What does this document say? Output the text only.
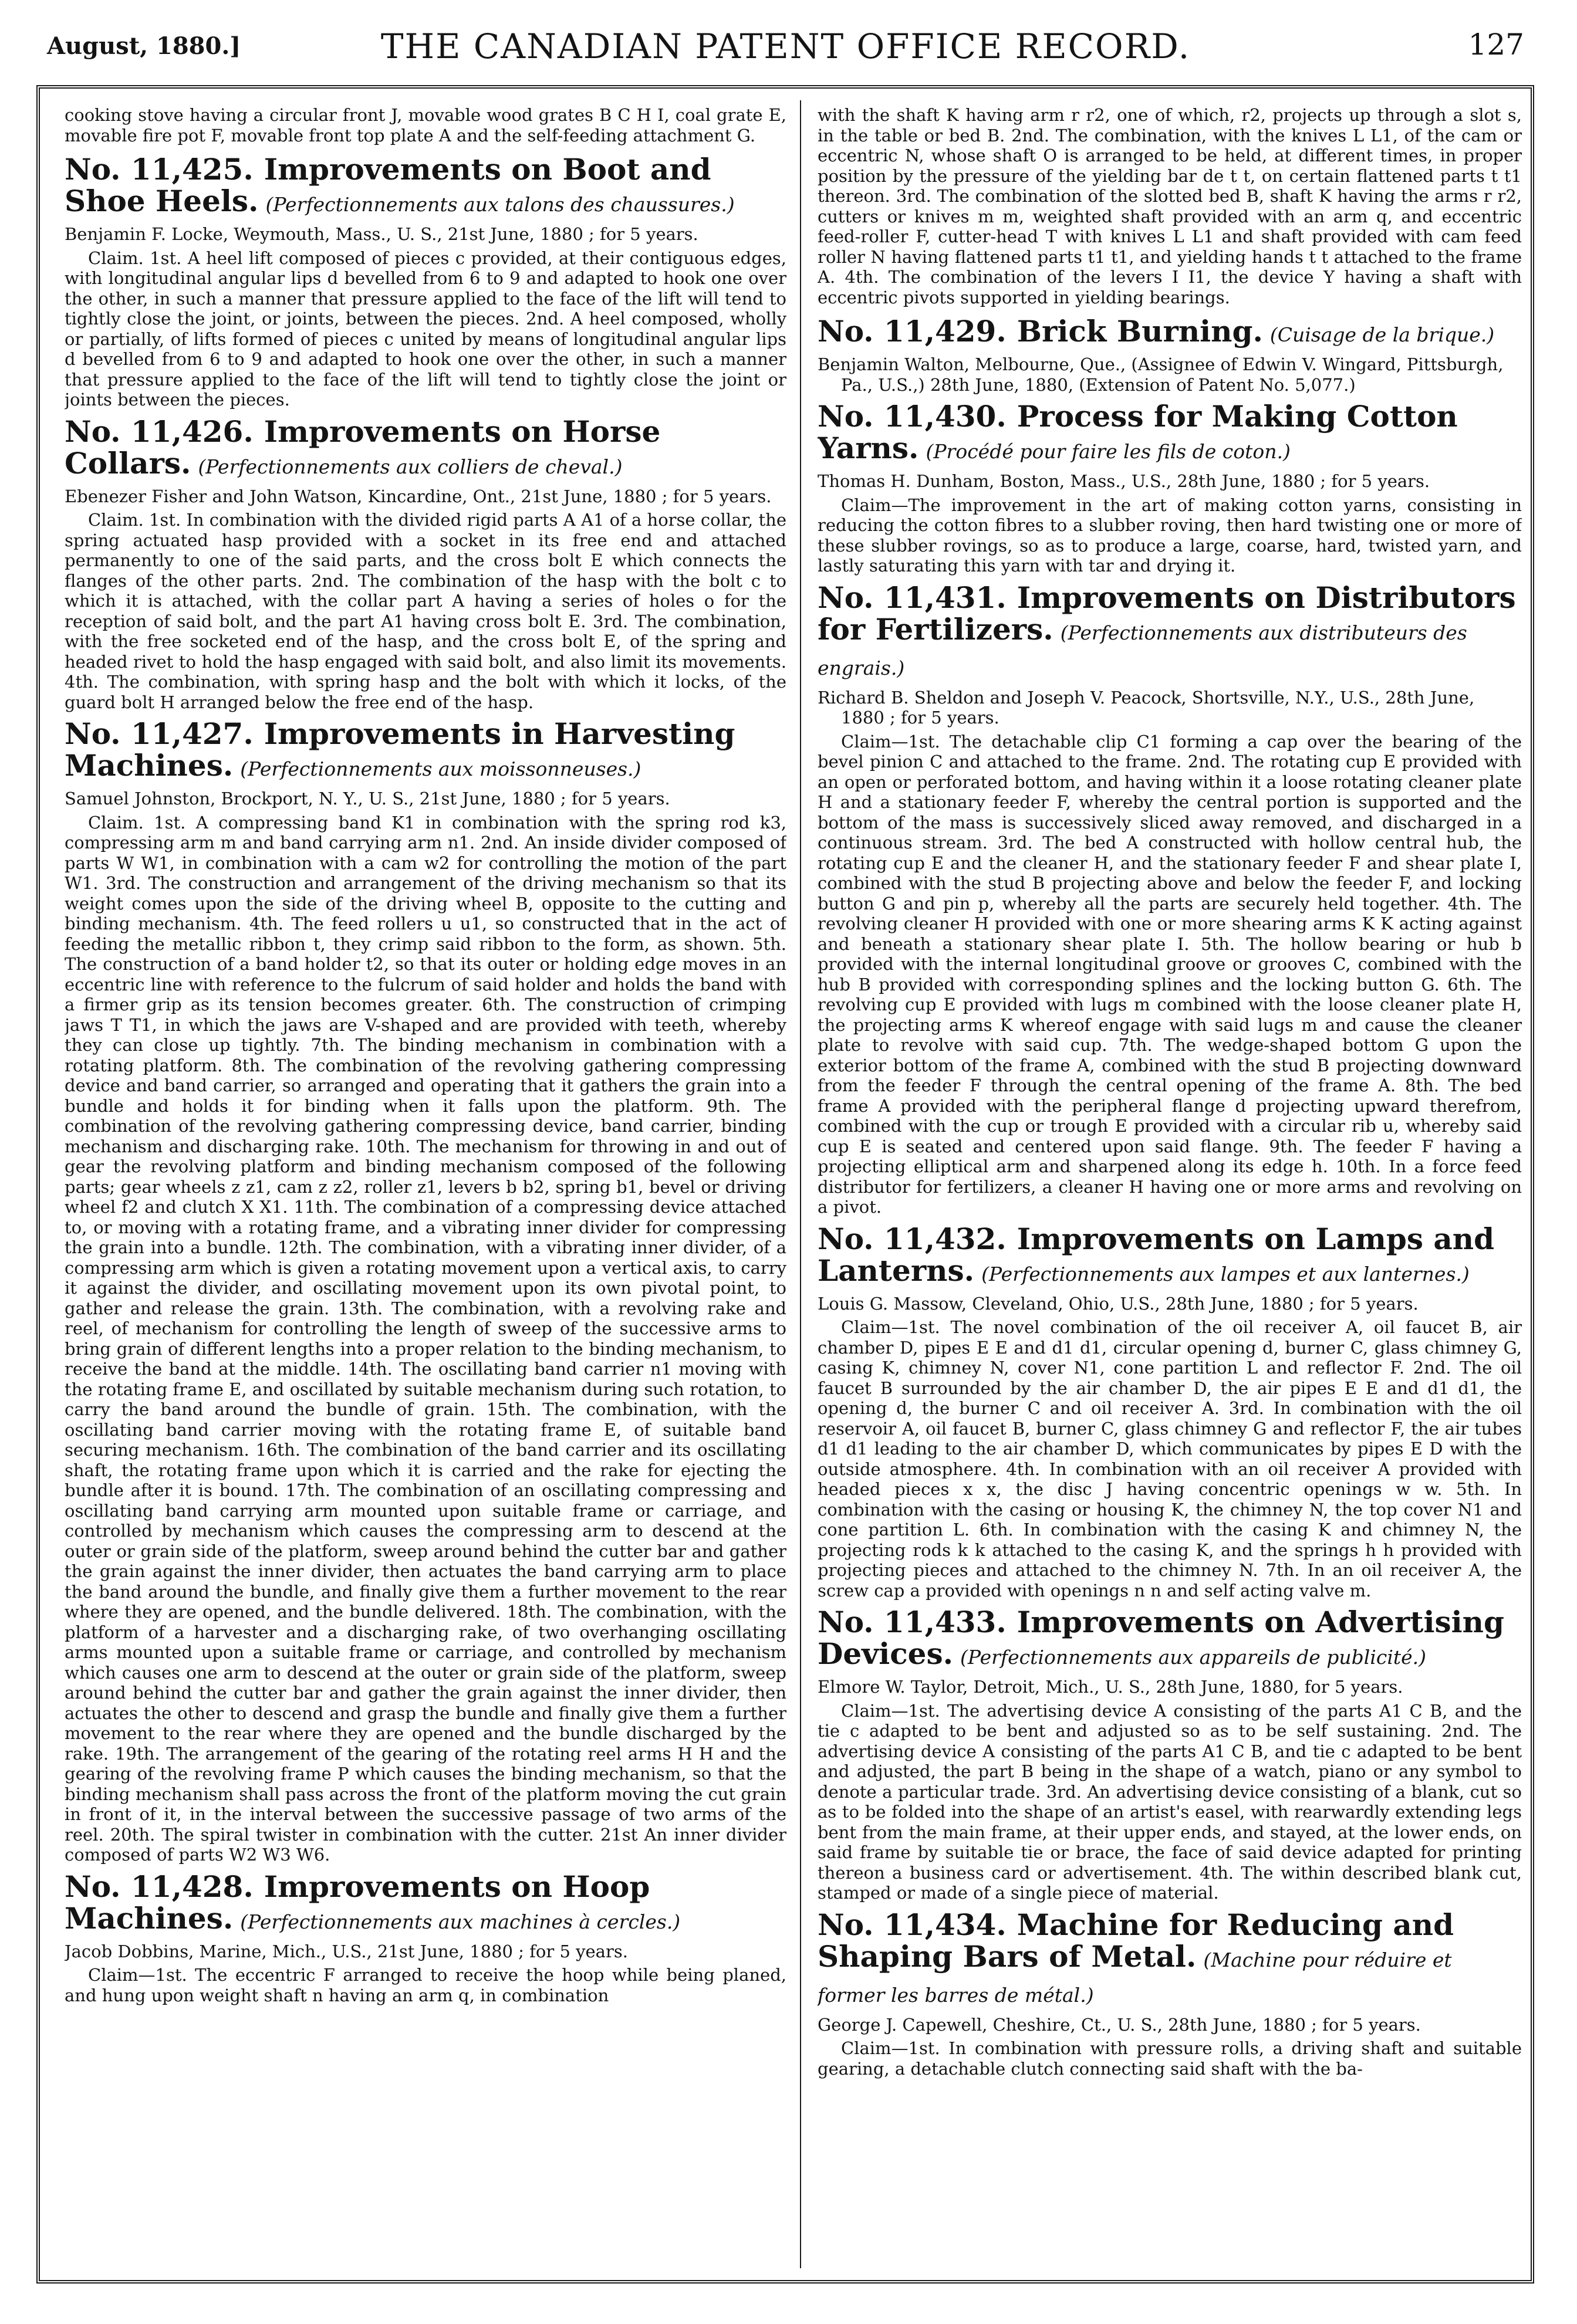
August, 1880.]	THE CANADIAN PATENT OFFICE RECORD.	127
cooking stove having a circular front J, movable wood grates B C H I, coal grate E, movable fire pot F, movable front top plate A and the self-feeding attachment G.
No. 11,425. Improvements on Boot and Shoe Heels. (Perfectionnements aux talons des chaussures.)
Benjamin F. Locke, Weymouth, Mass., U. S., 21st June, 1880 ; for 5 years.
Claim. 1st. A heel lift composed of pieces c provided, at their contiguous edges, with longitudinal angular lips d bevelled from 6 to 9 and adapted to hook one over the other, in such a manner that pressure applied to the face of the lift will tend to tightly close the joint, or joints, between the pieces. 2nd. A heel composed, wholly or partially, of lifts formed of pieces c united by means of longitudinal angular lips d bevelled from 6 to 9 and adapted to hook one over the other, in such a manner that pressure applied to the face of the lift will tend to tightly close the joint or joints between the pieces.
No. 11,426. Improvements on Horse Collars. (Perfectionnements aux colliers de cheval.)
Ebenezer Fisher and John Watson, Kincardine, Ont., 21st June, 1880 ; for 5 years.
Claim. 1st. In combination with the divided rigid parts A A1 of a horse collar, the spring actuated hasp provided with a socket in its free end and attached permanently to one of the said parts, and the cross bolt E which connects the flanges of the other parts. 2nd. The combination of the hasp with the bolt c to which it is attached, with the collar part A having a series of holes o for the reception of said bolt, and the part A1 having cross bolt E. 3rd. The combination, with the free socketed end of the hasp, and the cross bolt E, of the spring and headed rivet to hold the hasp engaged with said bolt, and also limit its movements. 4th. The combination, with spring hasp and the bolt with which it locks, of the guard bolt H arranged below the free end of the hasp.
No. 11,427. Improvements in Harvesting Machines. (Perfectionnements aux moissonneuses.)
Samuel Johnston, Brockport, N. Y., U. S., 21st June, 1880 ; for 5 years.
Claim. 1st. A compressing band K1 in combination with the spring rod k3, compressing arm m and band carrying arm n1. 2nd. An inside divider composed of parts W W1, in combination with a cam w2 for controlling the motion of the part W1. 3rd. The construction and arrangement of the driving mechanism so that its weight comes upon the side of the driving wheel B, opposite to the cutting and binding mechanism. 4th. The feed rollers u u1, so constructed that in the act of feeding the metallic ribbon t, they crimp said ribbon to the form, as shown. 5th. The construction of a band holder t2, so that its outer or holding edge moves in an eccentric line with reference to the fulcrum of said holder and holds the band with a firmer grip as its tension becomes greater. 6th. The construction of crimping jaws T T1, in which the jaws are V-shaped and are provided with teeth, whereby they can close up tightly. 7th. The binding mechanism in combination with a rotating platform. 8th. The combination of the revolving gathering compressing device and band carrier, so arranged and operating that it gathers the grain into a bundle and holds it for binding when it falls upon the platform. 9th. The combination of the revolving gathering compressing device, band carrier, binding mechanism and discharging rake. 10th. The mechanism for throwing in and out of gear the revolving platform and binding mechanism composed of the following parts; gear wheels z z1, cam z z2, roller z1, levers b b2, spring b1, bevel or driving wheel f2 and clutch X X1. 11th. The combination of a compressing device attached to, or moving with a rotating frame, and a vibrating inner divider for compressing the grain into a bundle. 12th. The combination, with a vibrating inner divider, of a compressing arm which is given a rotating movement upon a vertical axis, to carry it against the divider, and oscillating movement upon its own pivotal point, to gather and release the grain. 13th. The combination, with a revolving rake and reel, of mechanism for controlling the length of sweep of the successive arms to bring grain of different lengths into a proper relation to the binding mechanism, to receive the band at the middle. 14th. The oscillating band carrier n1 moving with the rotating frame E, and oscillated by suitable mechanism during such rotation, to carry the band around the bundle of grain. 15th. The combination, with the oscillating band carrier moving with the rotating frame E, of suitable band securing mechanism. 16th. The combination of the band carrier and its oscillating shaft, the rotating frame upon which it is carried and the rake for ejecting the bundle after it is bound. 17th. The combination of an oscillating compressing and oscillating band carrying arm mounted upon suitable frame or carriage, and controlled by mechanism which causes the compressing arm to descend at the outer or grain side of the platform, sweep around behind the cutter bar and gather the grain against the inner divider, then actuates the band carrying arm to place the band around the bundle, and finally give them a further movement to the rear where they are opened, and the bundle delivered. 18th. The combination, with the platform of a harvester and a discharging rake, of two overhanging oscillating arms mounted upon a suitable frame or carriage, and controlled by mechanism which causes one arm to descend at the outer or grain side of the platform, sweep around behind the cutter bar and gather the grain against the inner divider, then actuates the other to descend and grasp the bundle and finally give them a further movement to the rear where they are opened and the bundle discharged by the rake. 19th. The arrangement of the gearing of the rotating reel arms H H and the gearing of the revolving frame P which causes the binding mechanism, so that the binding mechanism shall pass across the front of the platform moving the cut grain in front of it, in the interval between the successive passage of two arms of the reel. 20th. The spiral twister in combination with the cutter. 21st An inner divider composed of parts W2 W3 W6.
No. 11,428. Improvements on Hoop Machines. (Perfectionnements aux machines à cercles.)
Jacob Dobbins, Marine, Mich., U.S., 21st June, 1880 ; for 5 years.
Claim—1st. The eccentric F arranged to receive the hoop while being planed, and hung upon weight shaft n having an arm q, in combination
with the shaft K having arm r r2, one of which, r2, projects up through a slot s, in the table or bed B. 2nd. The combination, with the knives L L1, of the cam or eccentric N, whose shaft O is arranged to be held, at different times, in proper position by the pressure of the yielding bar de t t, on certain flattened parts t t1 thereon. 3rd. The combination of the slotted bed B, shaft K having the arms r r2, cutters or knives m m, weighted shaft provided with an arm q, and eccentric feed-roller F, cutter-head T with knives L L1 and shaft provided with cam feed roller N having flattened parts t1 t1, and yielding hands t t attached to the frame A. 4th. The combination of the levers I I1, the device Y having a shaft with eccentric pivots supported in yielding bearings.
No. 11,429. Brick Burning. (Cuisage de la brique.)
Benjamin Walton, Melbourne, Que., (Assignee of Edwin V. Wingard, Pittsburgh, Pa., U.S.,) 28th June, 1880, (Extension of Patent No. 5,077.)
No. 11,430. Process for Making Cotton Yarns. (Procédé pour faire les fils de coton.)
Thomas H. Dunham, Boston, Mass., U.S., 28th June, 1880 ; for 5 years.
Claim—The improvement in the art of making cotton yarns, consisting in reducing the cotton fibres to a slubber roving, then hard twisting one or more of these slubber rovings, so as to produce a large, coarse, hard, twisted yarn, and lastly saturating this yarn with tar and drying it.
No. 11,431. Improvements on Distributors for Fertilizers. (Perfectionnements aux distributeurs des engrais.)
Richard B. Sheldon and Joseph V. Peacock, Shortsville, N.Y., U.S., 28th June, 1880 ; for 5 years.
Claim—1st. The detachable clip C1 forming a cap over the bearing of the bevel pinion C and attached to the frame. 2nd. The rotating cup E provided with an open or perforated bottom, and having within it a loose rotating cleaner plate H and a stationary feeder F, whereby the central portion is supported and the bottom of the mass is successively sliced away removed, and discharged in a continuous stream. 3rd. The bed A constructed with hollow central hub, the rotating cup E and the cleaner H, and the stationary feeder F and shear plate I, combined with the stud B projecting above and below the feeder F, and locking button G and pin p, whereby all the parts are securely held together. 4th. The revolving cleaner H provided with one or more shearing arms K K acting against and beneath a stationary shear plate I. 5th. The hollow bearing or hub b provided with the internal longitudinal groove or grooves C, combined with the hub B provided with corresponding splines and the locking button G. 6th. The revolving cup E provided with lugs m combined with the loose cleaner plate H, the projecting arms K whereof engage with said lugs m and cause the cleaner plate to revolve with said cup. 7th. The wedge-shaped bottom G upon the exterior bottom of the frame A, combined with the stud B projecting downward from the feeder F through the central opening of the frame A. 8th. The bed frame A provided with the peripheral flange d projecting upward therefrom, combined with the cup or trough E provided with a circular rib u, whereby said cup E is seated and centered upon said flange. 9th. The feeder F having a projecting elliptical arm and sharpened along its edge h. 10th. In a force feed distributor for fertilizers, a cleaner H having one or more arms and revolving on a pivot.
No. 11,432. Improvements on Lamps and Lanterns. (Perfectionnements aux lampes et aux lanternes.)
Louis G. Massow, Cleveland, Ohio, U.S., 28th June, 1880 ; for 5 years.
Claim—1st. The novel combination of the oil receiver A, oil faucet B, air chamber D, pipes E E and d1 d1, circular opening d, burner C, glass chimney G, casing K, chimney N, cover N1, cone partition L and reflector F. 2nd. The oil faucet B surrounded by the air chamber D, the air pipes E E and d1 d1, the opening d, the burner C and oil receiver A. 3rd. In combination with the oil reservoir A, oil faucet B, burner C, glass chimney G and reflector F, the air tubes d1 d1 leading to the air chamber D, which communicates by pipes E D with the outside atmosphere. 4th. In combination with an oil receiver A provided with headed pieces x x, the disc J having concentric openings w w. 5th. In combination with the casing or housing K, the chimney N, the top cover N1 and cone partition L. 6th. In combination with the casing K and chimney N, the projecting rods k k attached to the casing K, and the springs h h provided with projecting pieces and attached to the chimney N. 7th. In an oil receiver A, the screw cap a provided with openings n n and self acting valve m.
No. 11,433. Improvements on Advertising Devices. (Perfectionnements aux appareils de publicité.)
Elmore W. Taylor, Detroit, Mich., U. S., 28th June, 1880, for 5 years.
Claim—1st. The advertising device A consisting of the parts A1 C B, and the tie c adapted to be bent and adjusted so as to be self sustaining. 2nd. The advertising device A consisting of the parts A1 C B, and tie c adapted to be bent and adjusted, the part B being in the shape of a watch, piano or any symbol to denote a particular trade. 3rd. An advertising device consisting of a blank, cut so as to be folded into the shape of an artist's easel, with rearwardly extending legs bent from the main frame, at their upper ends, and stayed, at the lower ends, on said frame by suitable tie or brace, the face of said device adapted for printing thereon a business card or advertisement. 4th. The within described blank cut, stamped or made of a single piece of material.
No. 11,434. Machine for Reducing and Shaping Bars of Metal. (Machine pour réduire et former les barres de métal.)
George J. Capewell, Cheshire, Ct., U. S., 28th June, 1880 ; for 5 years.
Claim—1st. In combination with pressure rolls, a driving shaft and suitable gearing, a detachable clutch connecting said shaft with the ba-
